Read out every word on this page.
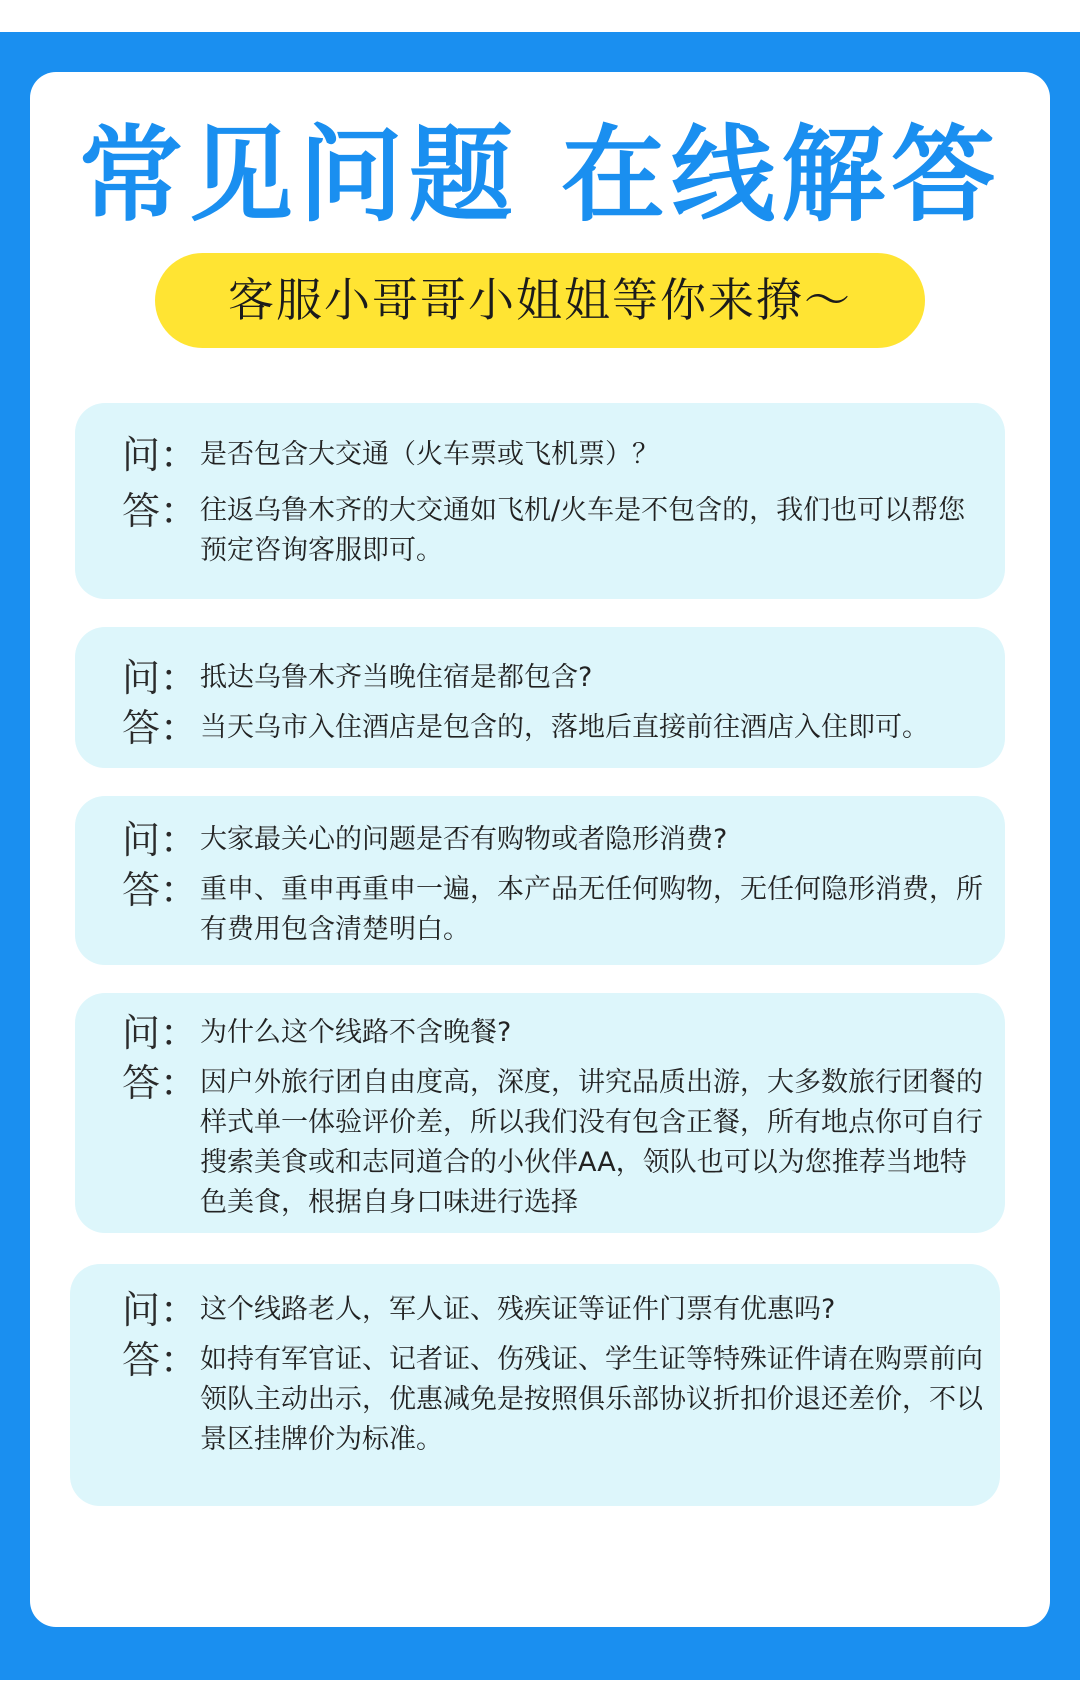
常见问题 在线解答
客服小哥哥小姐姐等你来撩～
问： 是否包含大交通（火车票或飞机票）？
答： 往返乌鲁木齐的大交通如飞机/火车是不包含的，我们也可以帮您预定咨询客服即可。
问： 抵达乌鲁木齐当晚住宿是都包含?
答： 当天乌市入住酒店是包含的，落地后直接前往酒店入住即可。
问： 大家最关心的问题是否有购物或者隐形消费?
答： 重申、重申再重申一遍，本产品无任何购物，无任何隐形消费，所有费用包含清楚明白。
问： 为什么这个线路不含晚餐?
答： 因户外旅行团自由度高，深度，讲究品质出游，大多数旅行团餐的样式单一体验评价差，所以我们没有包含正餐，所有地点你可自行搜索美食或和志同道合的小伙伴AA，领队也可以为您推荐当地特色美食，根据自身口味进行选择
问： 这个线路老人，军人证、残疾证等证件门票有优惠吗?
答： 如持有军官证、记者证、伤残证、学生证等特殊证件请在购票前向领队主动出示，优惠减免是按照俱乐部协议折扣价退还差价，不以景区挂牌价为标准。
